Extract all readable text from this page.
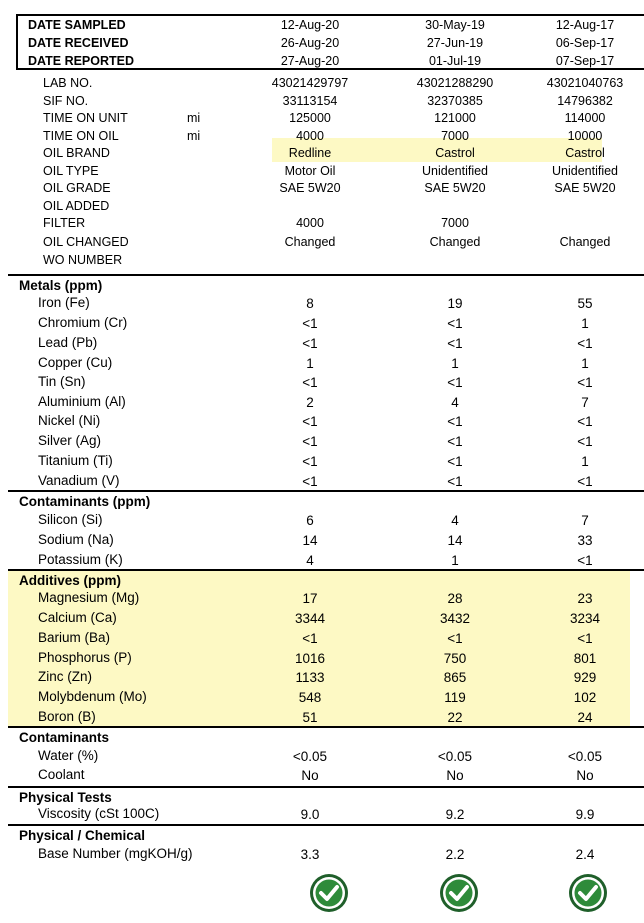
DATE SAMPLED	12-Aug-20	30-May-19	12-Aug-17
DATE RECEIVED	26-Aug-20	27-Jun-19	06-Sep-17
DATE REPORTED	27-Aug-20	01-Jul-19	07-Sep-17
LAB NO.	43021429797	43021288290	43021040763
SIF NO.	33113154	32370385	14796382
TIME ON UNIT	mi	125000	121000	114000
TIME ON OIL	mi	4000	7000	10000
OIL BRAND	Redline	Castrol	Castrol
OIL TYPE	Motor Oil	Unidentified	Unidentified
OIL GRADE	SAE 5W20	SAE 5W20	SAE 5W20
OIL ADDED
FILTER	4000	7000
OIL CHANGED	Changed	Changed	Changed
WO NUMBER
Metals (ppm)
Iron (Fe)	8	19	55
Chromium (Cr)	<1	<1	1
Lead (Pb)	<1	<1	<1
Copper (Cu)	1	1	1
Tin (Sn)	<1	<1	<1
Aluminium (Al)	2	4	7
Nickel (Ni)	<1	<1	<1
Silver (Ag)	<1	<1	<1
Titanium (Ti)	<1	<1	1
Vanadium (V)	<1	<1	<1
Contaminants (ppm)
Silicon (Si)	6	4	7
Sodium (Na)	14	14	33
Potassium (K)	4	1	<1
Additives (ppm)
Magnesium (Mg)	17	28	23
Calcium (Ca)	3344	3432	3234
Barium (Ba)	<1	<1	<1
Phosphorus (P)	1016	750	801
Zinc (Zn)	1133	865	929
Molybdenum (Mo)	548	119	102
Boron (B)	51	22	24
Contaminants
Water (%)	<0.05	<0.05	<0.05
Coolant	No	No	No
Physical Tests
Viscosity (cSt 100C)	9.0	9.2	9.9
Physical / Chemical
Base Number (mgKOH/g)	3.3	2.2	2.4
